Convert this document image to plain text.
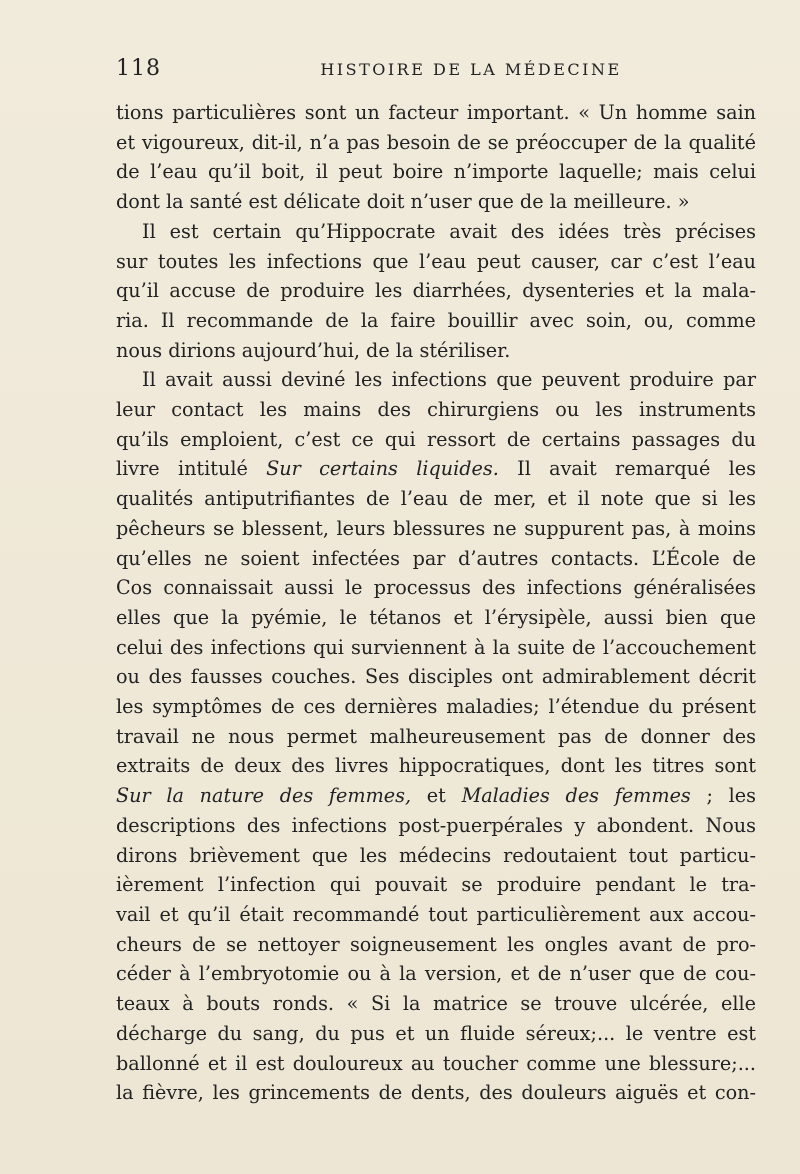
118	HISTOIRE DE LA MÉDECINE
tions particulières sont un facteur important. « Un homme sain
et vigoureux, dit-il, n’a pas besoin de se préoccuper de la qualité
de l’eau qu’il boit, il peut boire n’importe laquelle; mais celui
dont la santé est délicate doit n’user que de la meilleure. »
Il est certain qu’Hippocrate avait des idées très précises
sur toutes les infections que l’eau peut causer, car c’est l’eau
qu’il accuse de produire les diarrhées, dysenteries et la mala-
ria. Il recommande de la faire bouillir avec soin, ou, comme
nous dirions aujourd’hui, de la stériliser.
Il avait aussi deviné les infections que peuvent produire par
leur contact les mains des chirurgiens ou les instruments
qu’ils emploient, c’est ce qui ressort de certains passages du
livre intitulé Sur certains liquides. Il avait remarqué les
qualités antiputrifiantes de l’eau de mer, et il note que si les
pêcheurs se blessent, leurs blessures ne suppurent pas, à moins
qu’elles ne soient infectées par d’autres contacts. L’École de
Cos connaissait aussi le processus des infections généralisées
elles que la pyémie, le tétanos et l’érysipèle, aussi bien que
celui des infections qui surviennent à la suite de l’accouchement
ou des fausses couches. Ses disciples ont admirablement décrit
les symptômes de ces dernières maladies; l’étendue du présent
travail ne nous permet malheureusement pas de donner des
extraits de deux des livres hippocratiques, dont les titres sont
Sur la nature des femmes, et Maladies des femmes ; les
descriptions des infections post-puerpérales y abondent. Nous
dirons brièvement que les médecins redoutaient tout particu-
ièrement l’infection qui pouvait se produire pendant le tra-
vail et qu’il était recommandé tout particulièrement aux accou-
cheurs de se nettoyer soigneusement les ongles avant de pro-
céder à l’embryotomie ou à la version, et de n’user que de cou-
teaux à bouts ronds. « Si la matrice se trouve ulcérée, elle
décharge du sang, du pus et un fluide séreux;... le ventre est
ballonné et il est douloureux au toucher comme une blessure;...
la fièvre, les grincements de dents, des douleurs aiguës et con-
